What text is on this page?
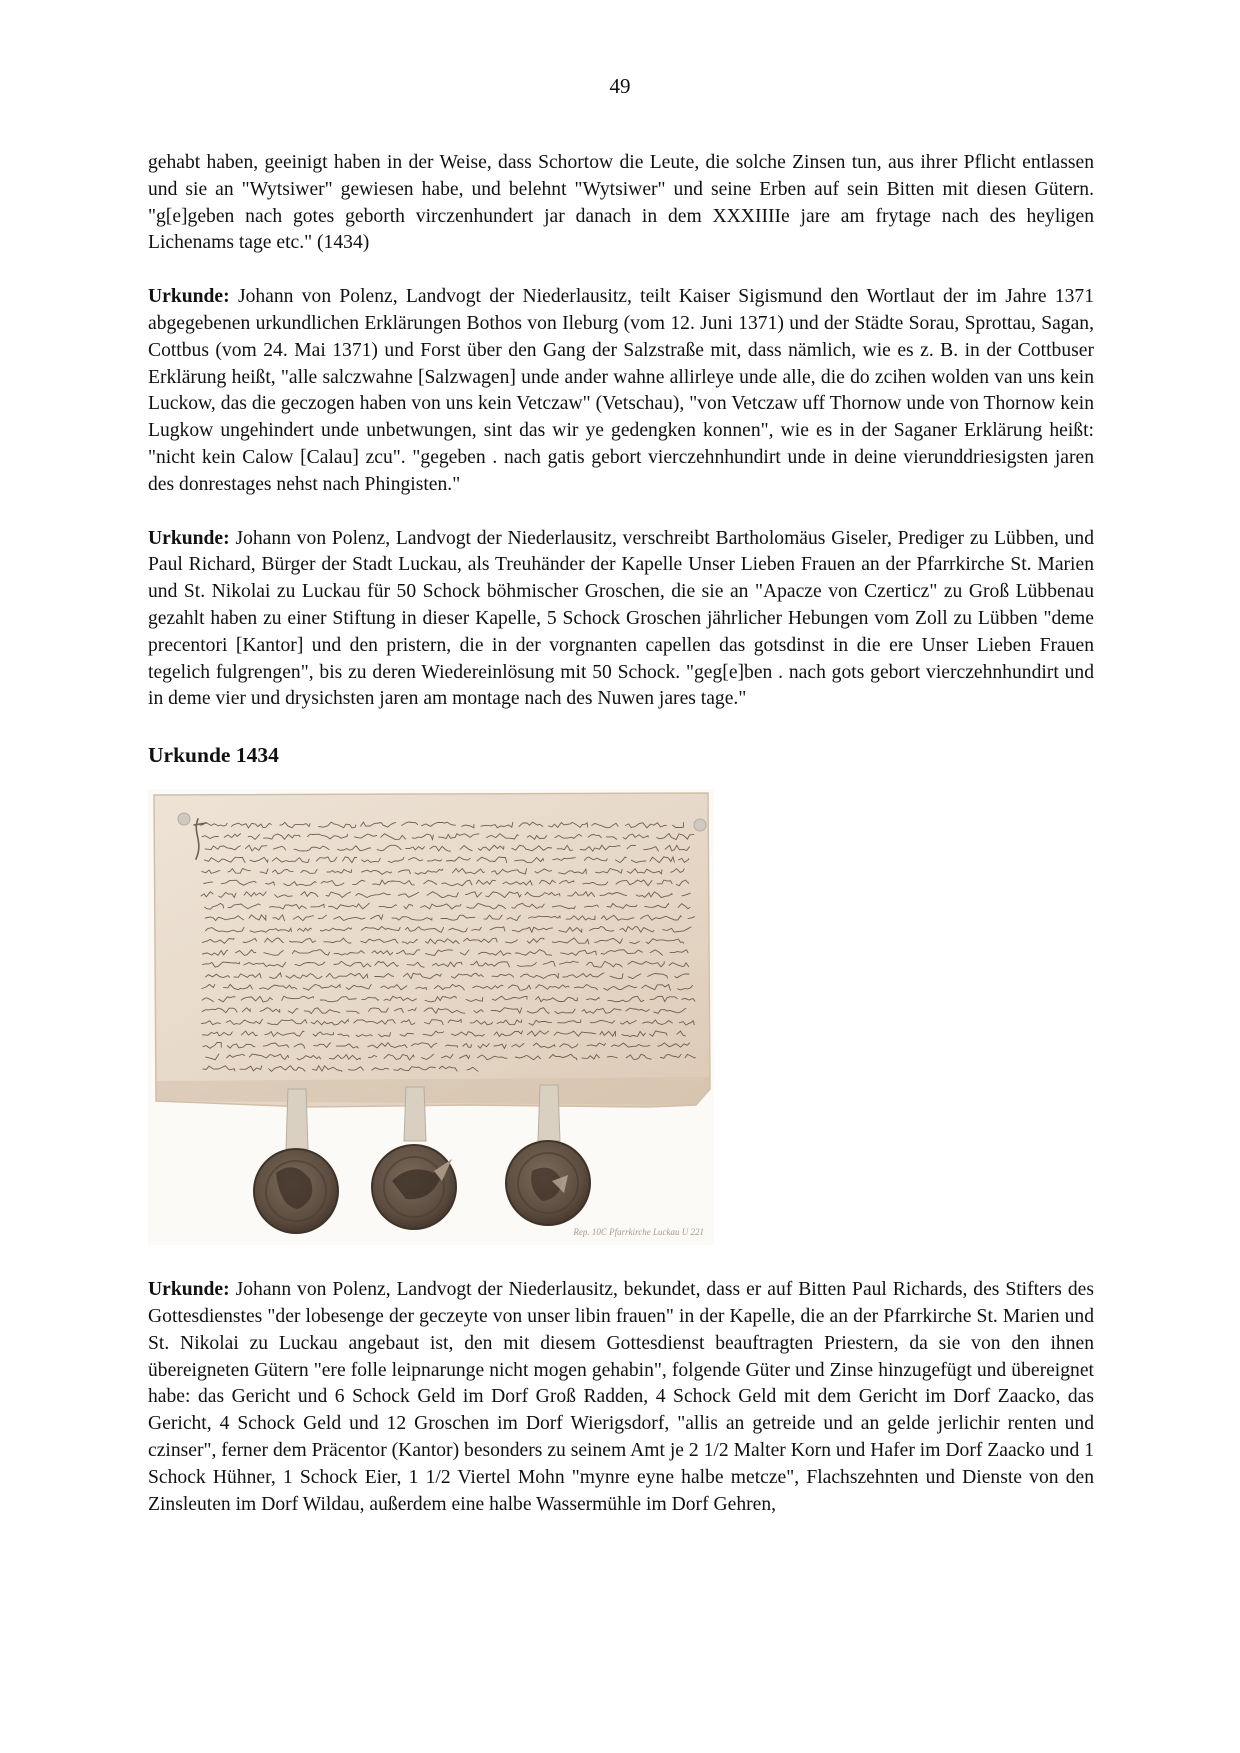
49

gehabt haben, geeinigt haben in der Weise, dass Schortow die Leute, die solche Zinsen tun, aus ihrer Pflicht entlassen und sie an "Wytsiwer" gewiesen habe, und belehnt "Wytsiwer" und seine Erben auf sein Bitten mit diesen Gütern. "g[e]geben nach gotes geborth virczenhundert jar danach in dem XXXIIIIe jare am frytage nach des heyligen Lichenams tage etc." (1434)

Urkunde: Johann von Polenz, Landvogt der Niederlausitz, teilt Kaiser Sigismund den Wortlaut der im Jahre 1371 abgegebenen urkundlichen Erklärungen Bothos von Ileburg (vom 12. Juni 1371) und der Städte Sorau, Sprottau, Sagan, Cottbus (vom 24. Mai 1371) und Forst über den Gang der Salzstraße mit, dass nämlich, wie es z. B. in der Cottbuser Erklärung heißt, "alle salczwahne [Salzwagen] unde ander wahne allirleye unde alle, die do zcihen wolden van uns kein Luckow, das die geczogen haben von uns kein Vetczaw" (Vetschau), "von Vetczaw uff Thornow unde von Thornow kein Lugkow ungehindert unde unbetwungen, sint das wir ye gedengken konnen", wie es in der Saganer Erklärung heißt: "nicht kein Calow [Calau] zcu". "gegeben . nach gatis gebort vierczehnhundirt unde in deine vierunddriesigsten jaren des donrestages nehst nach Phingisten."

Urkunde: Johann von Polenz, Landvogt der Niederlausitz, verschreibt Bartholomäus Giseler, Prediger zu Lübben, und Paul Richard, Bürger der Stadt Luckau, als Treuhänder der Kapelle Unser Lieben Frauen an der Pfarrkirche St. Marien und St. Nikolai zu Luckau für 50 Schock böhmischer Groschen, die sie an "Apacze von Czerticz" zu Groß Lübbenau gezahlt haben zu einer Stiftung in dieser Kapelle, 5 Schock Groschen jährlicher Hebungen vom Zoll zu Lübben "deme precentori [Kantor] und den pristern, die in der vorgnanten capellen das gotsdinst in die ere Unser Lieben Frauen tegelich fulgrengen", bis zu deren Wiedereinlösung mit 50 Schock. "geg[e]ben . nach gots gebort vierczehnhundirt und in deme vier und drysichsten jaren am montage nach des Nuwen jares tage."

Urkunde 1434
Rep. 10C Pfarrkirche Luckau U 221

Urkunde: Johann von Polenz, Landvogt der Niederlausitz, bekundet, dass er auf Bitten Paul Richards, des Stifters des Gottesdienstes "der lobesenge der geczeyte von unser libin frauen" in der Kapelle, die an der Pfarrkirche St. Marien und St. Nikolai zu Luckau angebaut ist, den mit diesem Gottesdienst beauftragten Priestern, da sie von den ihnen übereigneten Gütern "ere folle leipnarunge nicht mogen gehabin", folgende Güter und Zinse hinzugefügt und übereignet habe: das Gericht und 6 Schock Geld im Dorf Groß Radden, 4 Schock Geld mit dem Gericht im Dorf Zaacko, das Gericht, 4 Schock Geld und 12 Groschen im Dorf Wierigsdorf, "allis an getreide und an gelde jerlichir renten und czinser", ferner dem Präcentor (Kantor) besonders zu seinem Amt je 2 1/2 Malter Korn und Hafer im Dorf Zaacko und 1 Schock Hühner, 1 Schock Eier, 1 1/2 Viertel Mohn "mynre eyne halbe metcze", Flachszehnten und Dienste von den Zinsleuten im Dorf Wildau, außerdem eine halbe Wassermühle im Dorf Gehren,
